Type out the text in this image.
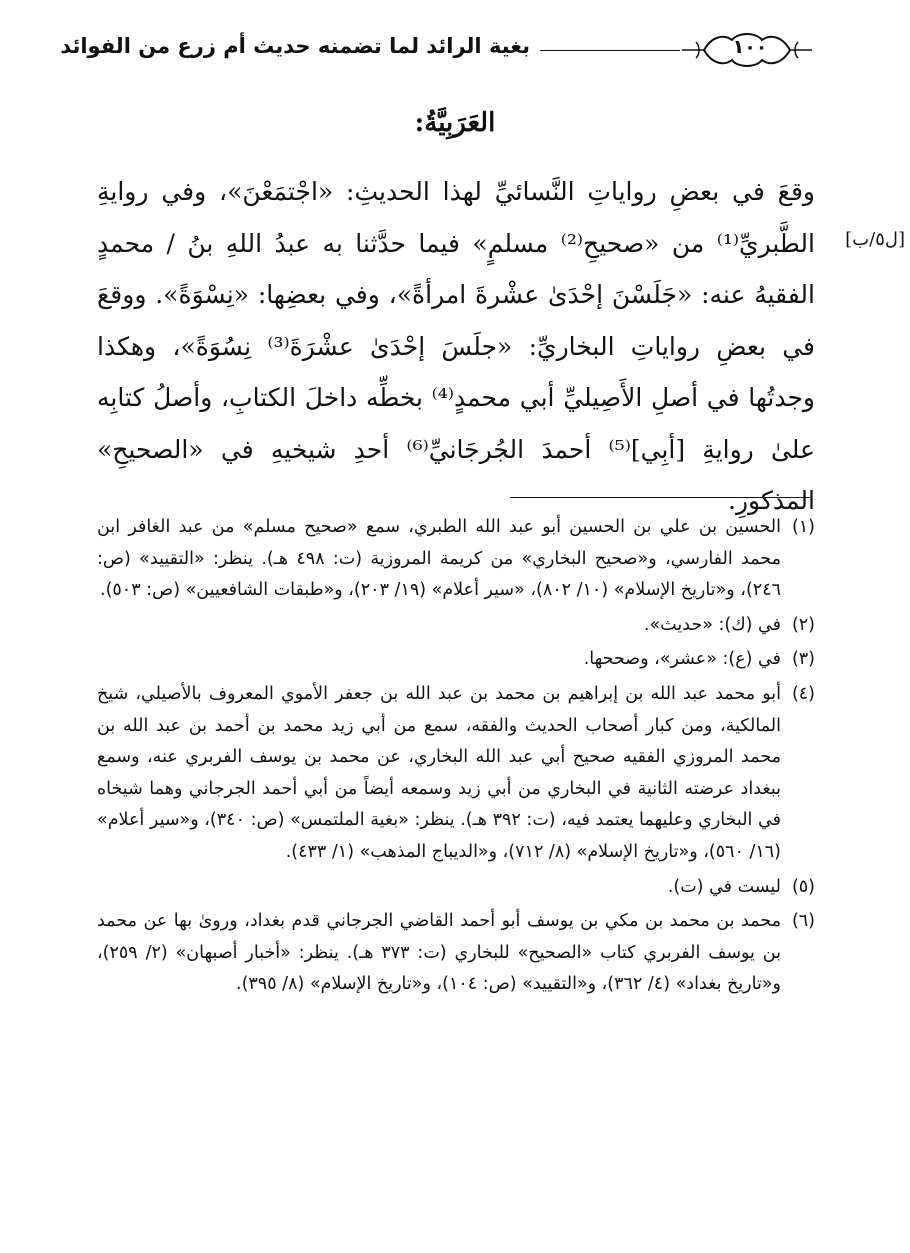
بغية الرائد لما تضمنه حديث أم زرع من الفوائد	١٠٠
العَرَبِيَّةُ:
[ل٥/ب]

وقعَ في بعضِ رواياتِ النَّسائيِّ لهذا الحديثِ: «اجْتمَعْنَ»، وفي روايةِ الطَّبريِّ⁽¹⁾ من «صحيحِ⁽²⁾ مسلمٍ» فيما حدَّثنا به عبدُ اللهِ بنُ / محمدٍ الفقيهُ عنه: «جَلَسْنَ إحْدَىٰ عشْرةَ امرأةً»، وفي بعضِها: «نِسْوَةً». ووقعَ في بعضِ رواياتِ البخاريِّ: «جلَسَ إحْدَىٰ عشْرَةَ⁽³⁾ نِسُوَةً»، وهكذا وجدتُها في أصلِ الأَصِيليِّ أبي محمدٍ⁽⁴⁾ بخطِّه داخلَ الكتابِ، وأصلُ كتابِه علىٰ روايةِ [أبِي]⁽⁵⁾ أحمدَ الجُرجَانيِّ⁽⁶⁾ أحدِ شيخيهِ في «الصحيحِ» المذكورِ.

(١)
الحسين بن علي بن الحسين أبو عبد الله الطبري، سمع «صحيح مسلم» من عبد الغافر ابن محمد الفارسي، و«صحيح البخاري» من كريمة المروزية (ت: ٤٩٨ هـ). ينظر: «التقييد» (ص: ٢٤٦)، و«تاريخ الإسلام» (١٠/ ٨٠٢)، «سير أعلام» (١٩/ ٢٠٣)، و«طبقات الشافعيين» (ص: ٥٠٣).
(٢)
في (ك): «حديث».
(٣)
في (ع): «عشر»، وصححها.
(٤)
أبو محمد عبد الله بن إبراهيم بن محمد بن عبد الله بن جعفر الأموي المعروف بالأصيلي، شيخ المالكية، ومن كبار أصحاب الحديث والفقه، سمع من أبي زيد محمد بن أحمد بن عبد الله بن محمد المروزي الفقيه صحيح أبي عبد الله البخاري، عن محمد بن يوسف الفربري عنه، وسمع ببغداد عرضته الثانية في البخاري من أبي زيد وسمعه أيضاً من أبي أحمد الجرجاني وهما شيخاه في البخاري وعليهما يعتمد فيه، (ت: ٣٩٢ هـ). ينظر: «بغية الملتمس» (ص: ٣٤٠)، و«سير أعلام» (١٦/ ٥٦٠)، و«تاريخ الإسلام» (٨/ ٧١٢)، و«الديباج المذهب» (١/ ٤٣٣).
(٥)
ليست في (ت).
(٦)
محمد بن محمد بن مكي بن يوسف أبو أحمد القاضي الجرجاني قدم بغداد، وروىٰ بها عن محمد بن يوسف الفربري كتاب «الصحيح» للبخاري (ت: ٣٧٣ هـ). ينظر: «أخبار أصبهان» (٢/ ٢٥٩)، و«تاريخ بغداد» (٤/ ٣٦٢)، و«التقييد» (ص: ١٠٤)، و«تاريخ الإسلام» (٨/ ٣٩٥).
